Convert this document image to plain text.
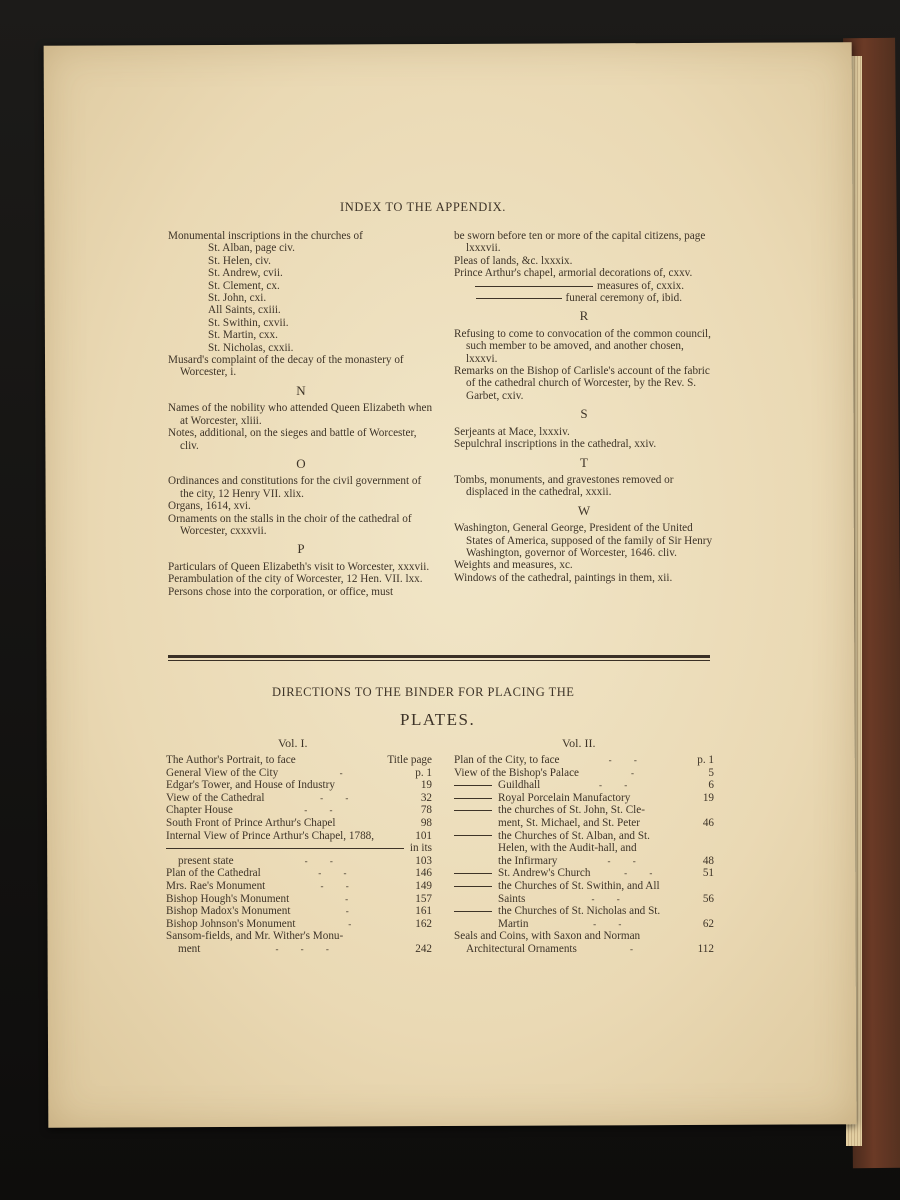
INDEX TO THE APPENDIX.

Monumental inscriptions in the churches of

St. Alban, page civ.

St. Helen, civ.

St. Andrew, cvii.

St. Clement, cx.

St. John, cxi.

All Saints, cxiii.

St. Swithin, cxvii.

St. Martin, cxx.

St. Nicholas, cxxii.

Musard's complaint of the decay of the monastery of Worcester, i.

N

Names of the nobility who attended Queen Elizabeth when at Worcester, xliii.

Notes, additional, on the sieges and battle of Worcester, cliv.

O

Ordinances and constitutions for the civil government of the city, 12 Henry VII. xlix.

Organs, 1614, xvi.

Ornaments on the stalls in the choir of the cathedral of Worcester, cxxxvii.

P

Particulars of Queen Elizabeth's visit to Worcester, xxxvii.

Perambulation of the city of Worcester, 12 Hen. VII. lxx.

Persons chose into the corporation, or office, must

be sworn before ten or more of the capital citizens, page lxxxvii.

Pleas of lands, &c. lxxxix.

Prince Arthur's chapel, armorial decorations of, cxxv.

measures of, cxxix.

funeral ceremony of, ibid.

R

Refusing to come to convocation of the common council, such member to be amoved, and another chosen, lxxxvi.

Remarks on the Bishop of Carlisle's account of the fabric of the cathedral church of Worcester, by the Rev. S. Garbet, cxiv.

S

Serjeants at Mace, lxxxiv.

Sepulchral inscriptions in the cathedral, xxiv.

T

Tombs, monuments, and gravestones removed or displaced in the cathedral, xxxii.

W

Washington, General George, President of the United States of America, supposed of the family of Sir Henry Washington, governor of Worcester, 1646. cliv.

Weights and measures, xc.

Windows of the cathedral, paintings in them, xii.

DIRECTIONS TO THE BINDER FOR PLACING THE
PLATES.
Vol. I.	Vol. II.
The Author's Portrait, to face	Title page
General View of the City	-	p. 1
Edgar's Tower, and House of Industry	19
View of the Cathedral	- -	32
Chapter House	- -	78
South Front of Prince Arthur's Chapel	98
Internal View of Prince Arthur's Chapel, 1788,	101
in its
present state	- -	103
Plan of the Cathedral	- -	146
Mrs. Rae's Monument	- -	149
Bishop Hough's Monument	-	157
Bishop Madox's Monument	-	161
Bishop Johnson's Monument	-	162
Sansom-fields, and Mr. Wither's Monu-
ment	- - -	242
Plan of the City, to face	- -	p. 1
View of the Bishop's Palace	-	5
Guildhall	- -	6
Royal Porcelain Manufactory	19
the churches of St. John, St. Cle-
ment, St. Michael, and St. Peter	46
the Churches of St. Alban, and St.
Helen, with the Audit-hall, and
the Infirmary	- -	48
St. Andrew's Church	- -	51
the Churches of St. Swithin, and All
Saints	- -	56
the Churches of St. Nicholas and St.
Martin	- -	62
Seals and Coins, with Saxon and Norman
Architectural Ornaments	-	112
